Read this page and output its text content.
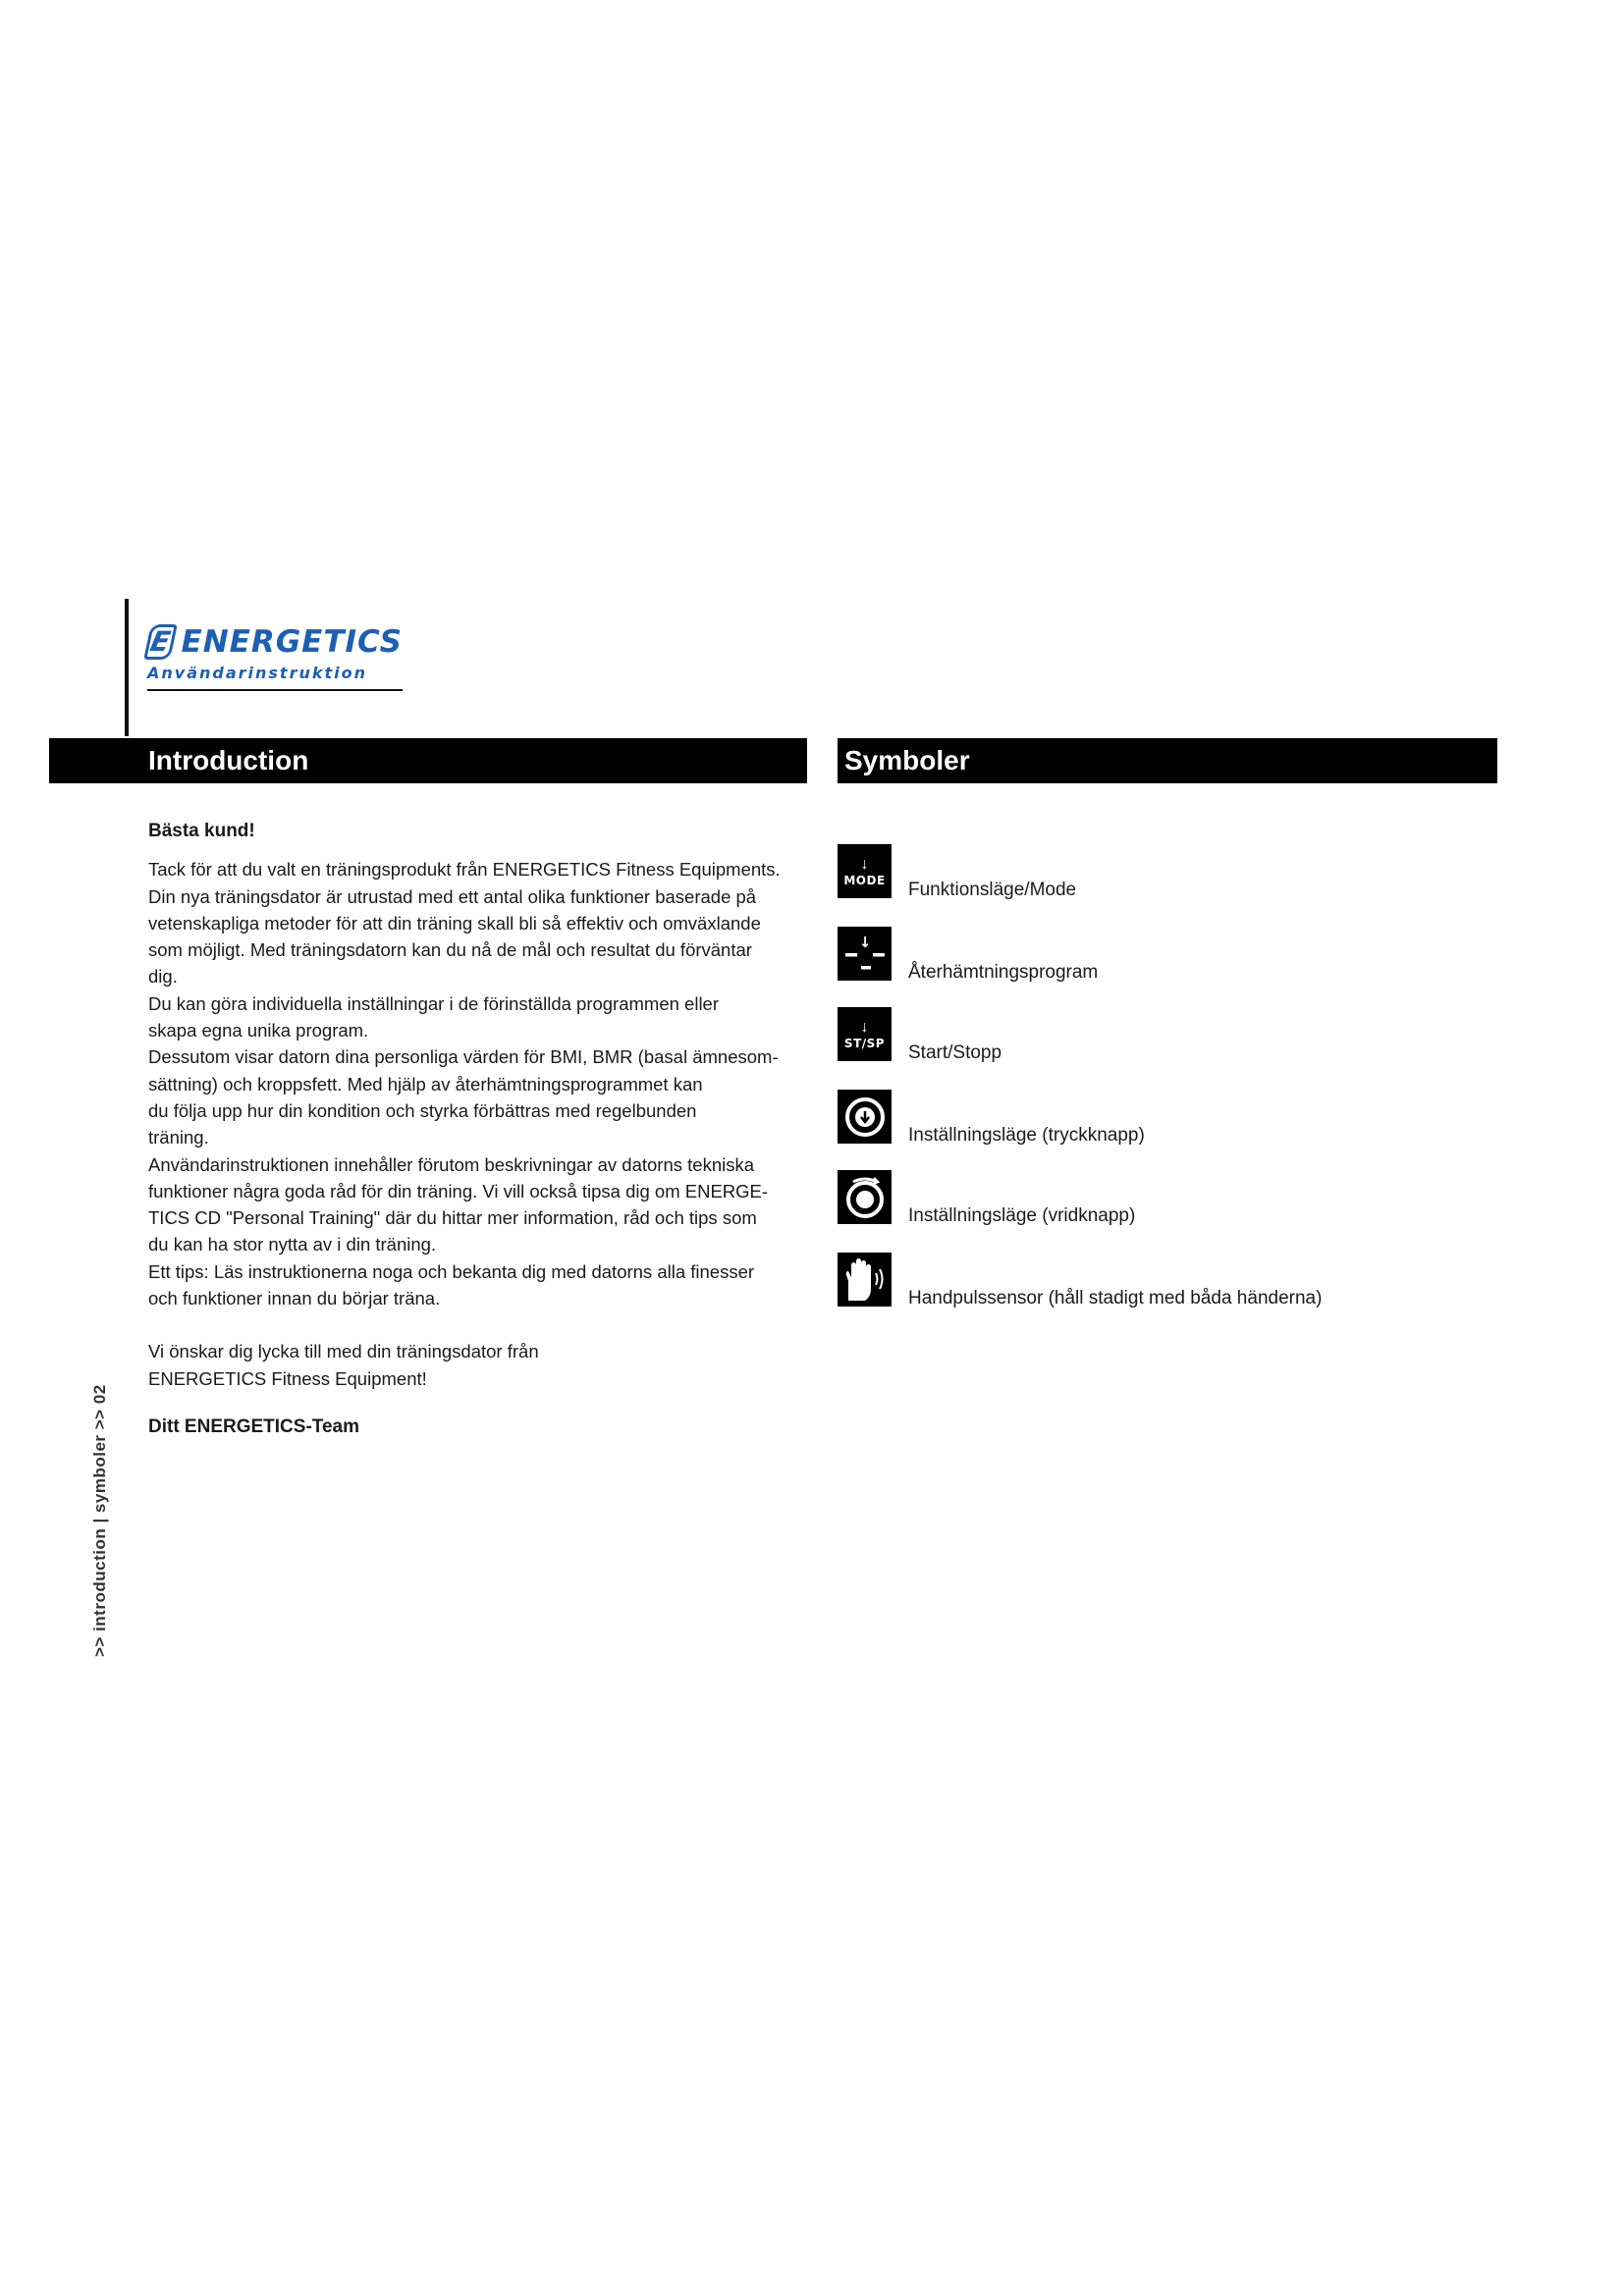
E ENERGETICS
Användarinstruktion
Introduction	Symboler
Bästa kund!

Tack för att du valt en träningsprodukt från ENERGETICS Fitness Equipments.

Din nya träningsdator är utrustad med ett antal olika funktioner baserade på

vetenskapliga metoder för att din träning skall bli så effektiv och omväxlande

som möjligt. Med träningsdatorn kan du nå de mål och resultat du förväntar

dig.

Du kan göra individuella inställningar i de förinställda programmen eller

skapa egna unika program.

Dessutom visar datorn dina personliga värden för BMI, BMR (basal ämnesom-

sättning) och kroppsfett. Med hjälp av återhämtningsprogrammet kan

du följa upp hur din kondition och styrka förbättras med regelbunden

träning.

Användarinstruktionen innehåller förutom beskrivningar av datorns tekniska

funktioner några goda råd för din träning. Vi vill också tipsa dig om ENERGE-

TICS CD "Personal Training" där du hittar mer information, råd och tips som

du kan ha stor nytta av i din träning.

Ett tips: Läs instruktionerna noga och bekanta dig med datorns alla finesser

och funktioner innan du börjar träna.

Vi önskar dig lycka till med din träningsdator från

ENERGETICS Fitness Equipment!

Ditt ENERGETICS-Team
↓
MODE Funktionsläge/Mode
↓
Återhämtningsprogram
↓
ST/SP Start/Stopp
Inställningsläge (tryckknapp)
Inställningsläge (vridknapp)
Handpulssensor (håll stadigt med båda händerna)
>> introduction | symboler >> 02
